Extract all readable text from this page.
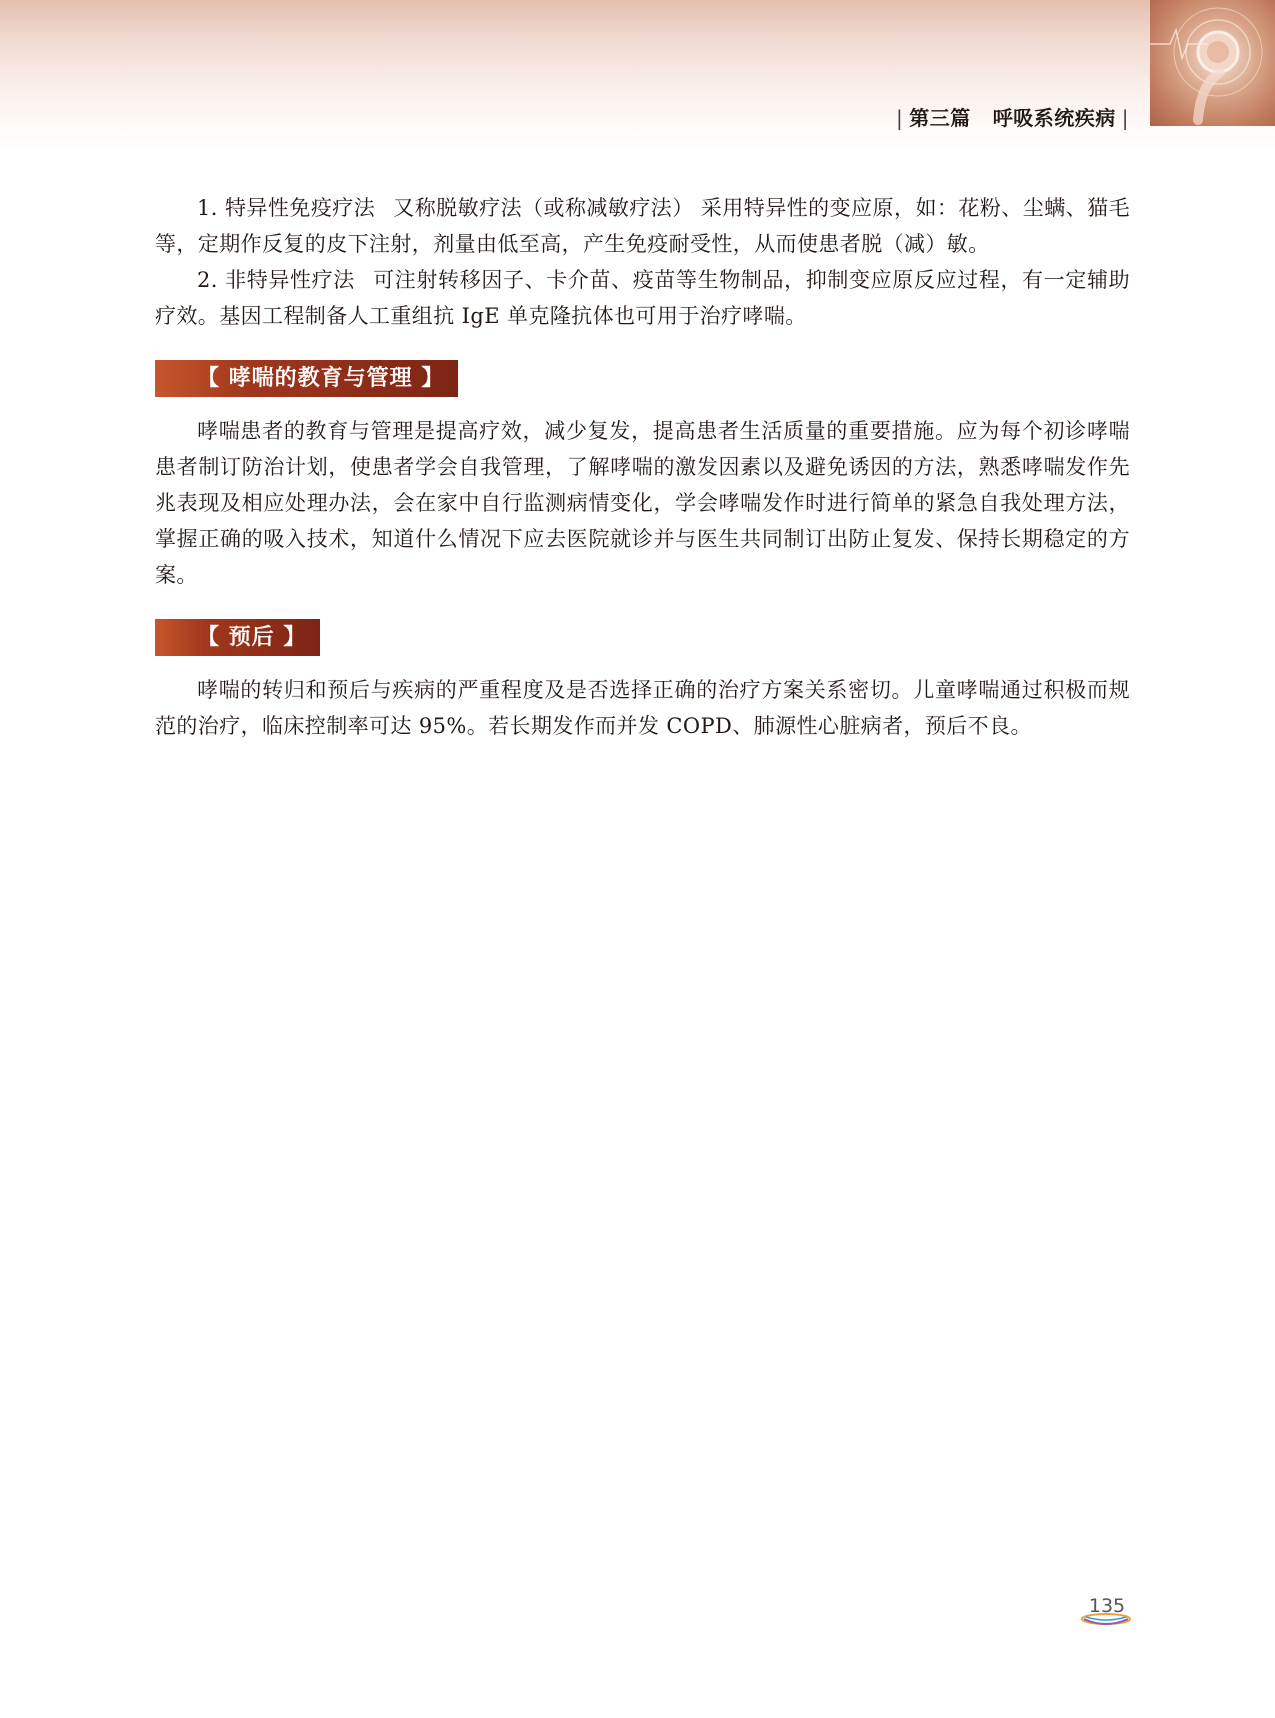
| 第三篇 呼吸系统疾病 |

1. 特异性免疫疗法 又称脱敏疗法（或称减敏疗法） 采用特异性的变应原，如：花粉、尘螨、猫毛等，定期作反复的皮下注射，剂量由低至高，产生免疫耐受性，从而使患者脱（减）敏。

2. 非特异性疗法 可注射转移因子、卡介苗、疫苗等生物制品，抑制变应原反应过程，有一定辅助疗效。基因工程制备人工重组抗 IgE 单克隆抗体也可用于治疗哮喘。

【 哮喘的教育与管理 】

哮喘患者的教育与管理是提高疗效，减少复发，提高患者生活质量的重要措施。应为每个初诊哮喘患者制订防治计划，使患者学会自我管理，了解哮喘的激发因素以及避免诱因的方法，熟悉哮喘发作先兆表现及相应处理办法，会在家中自行监测病情变化，学会哮喘发作时进行简单的紧急自我处理方法，掌握正确的吸入技术，知道什么情况下应去医院就诊并与医生共同制订出防止复发、保持长期稳定的方案。

【 预后 】

哮喘的转归和预后与疾病的严重程度及是否选择正确的治疗方案关系密切。儿童哮喘通过积极而规范的治疗，临床控制率可达 95%。若长期发作而并发 COPD、肺源性心脏病者，预后不良。

135
